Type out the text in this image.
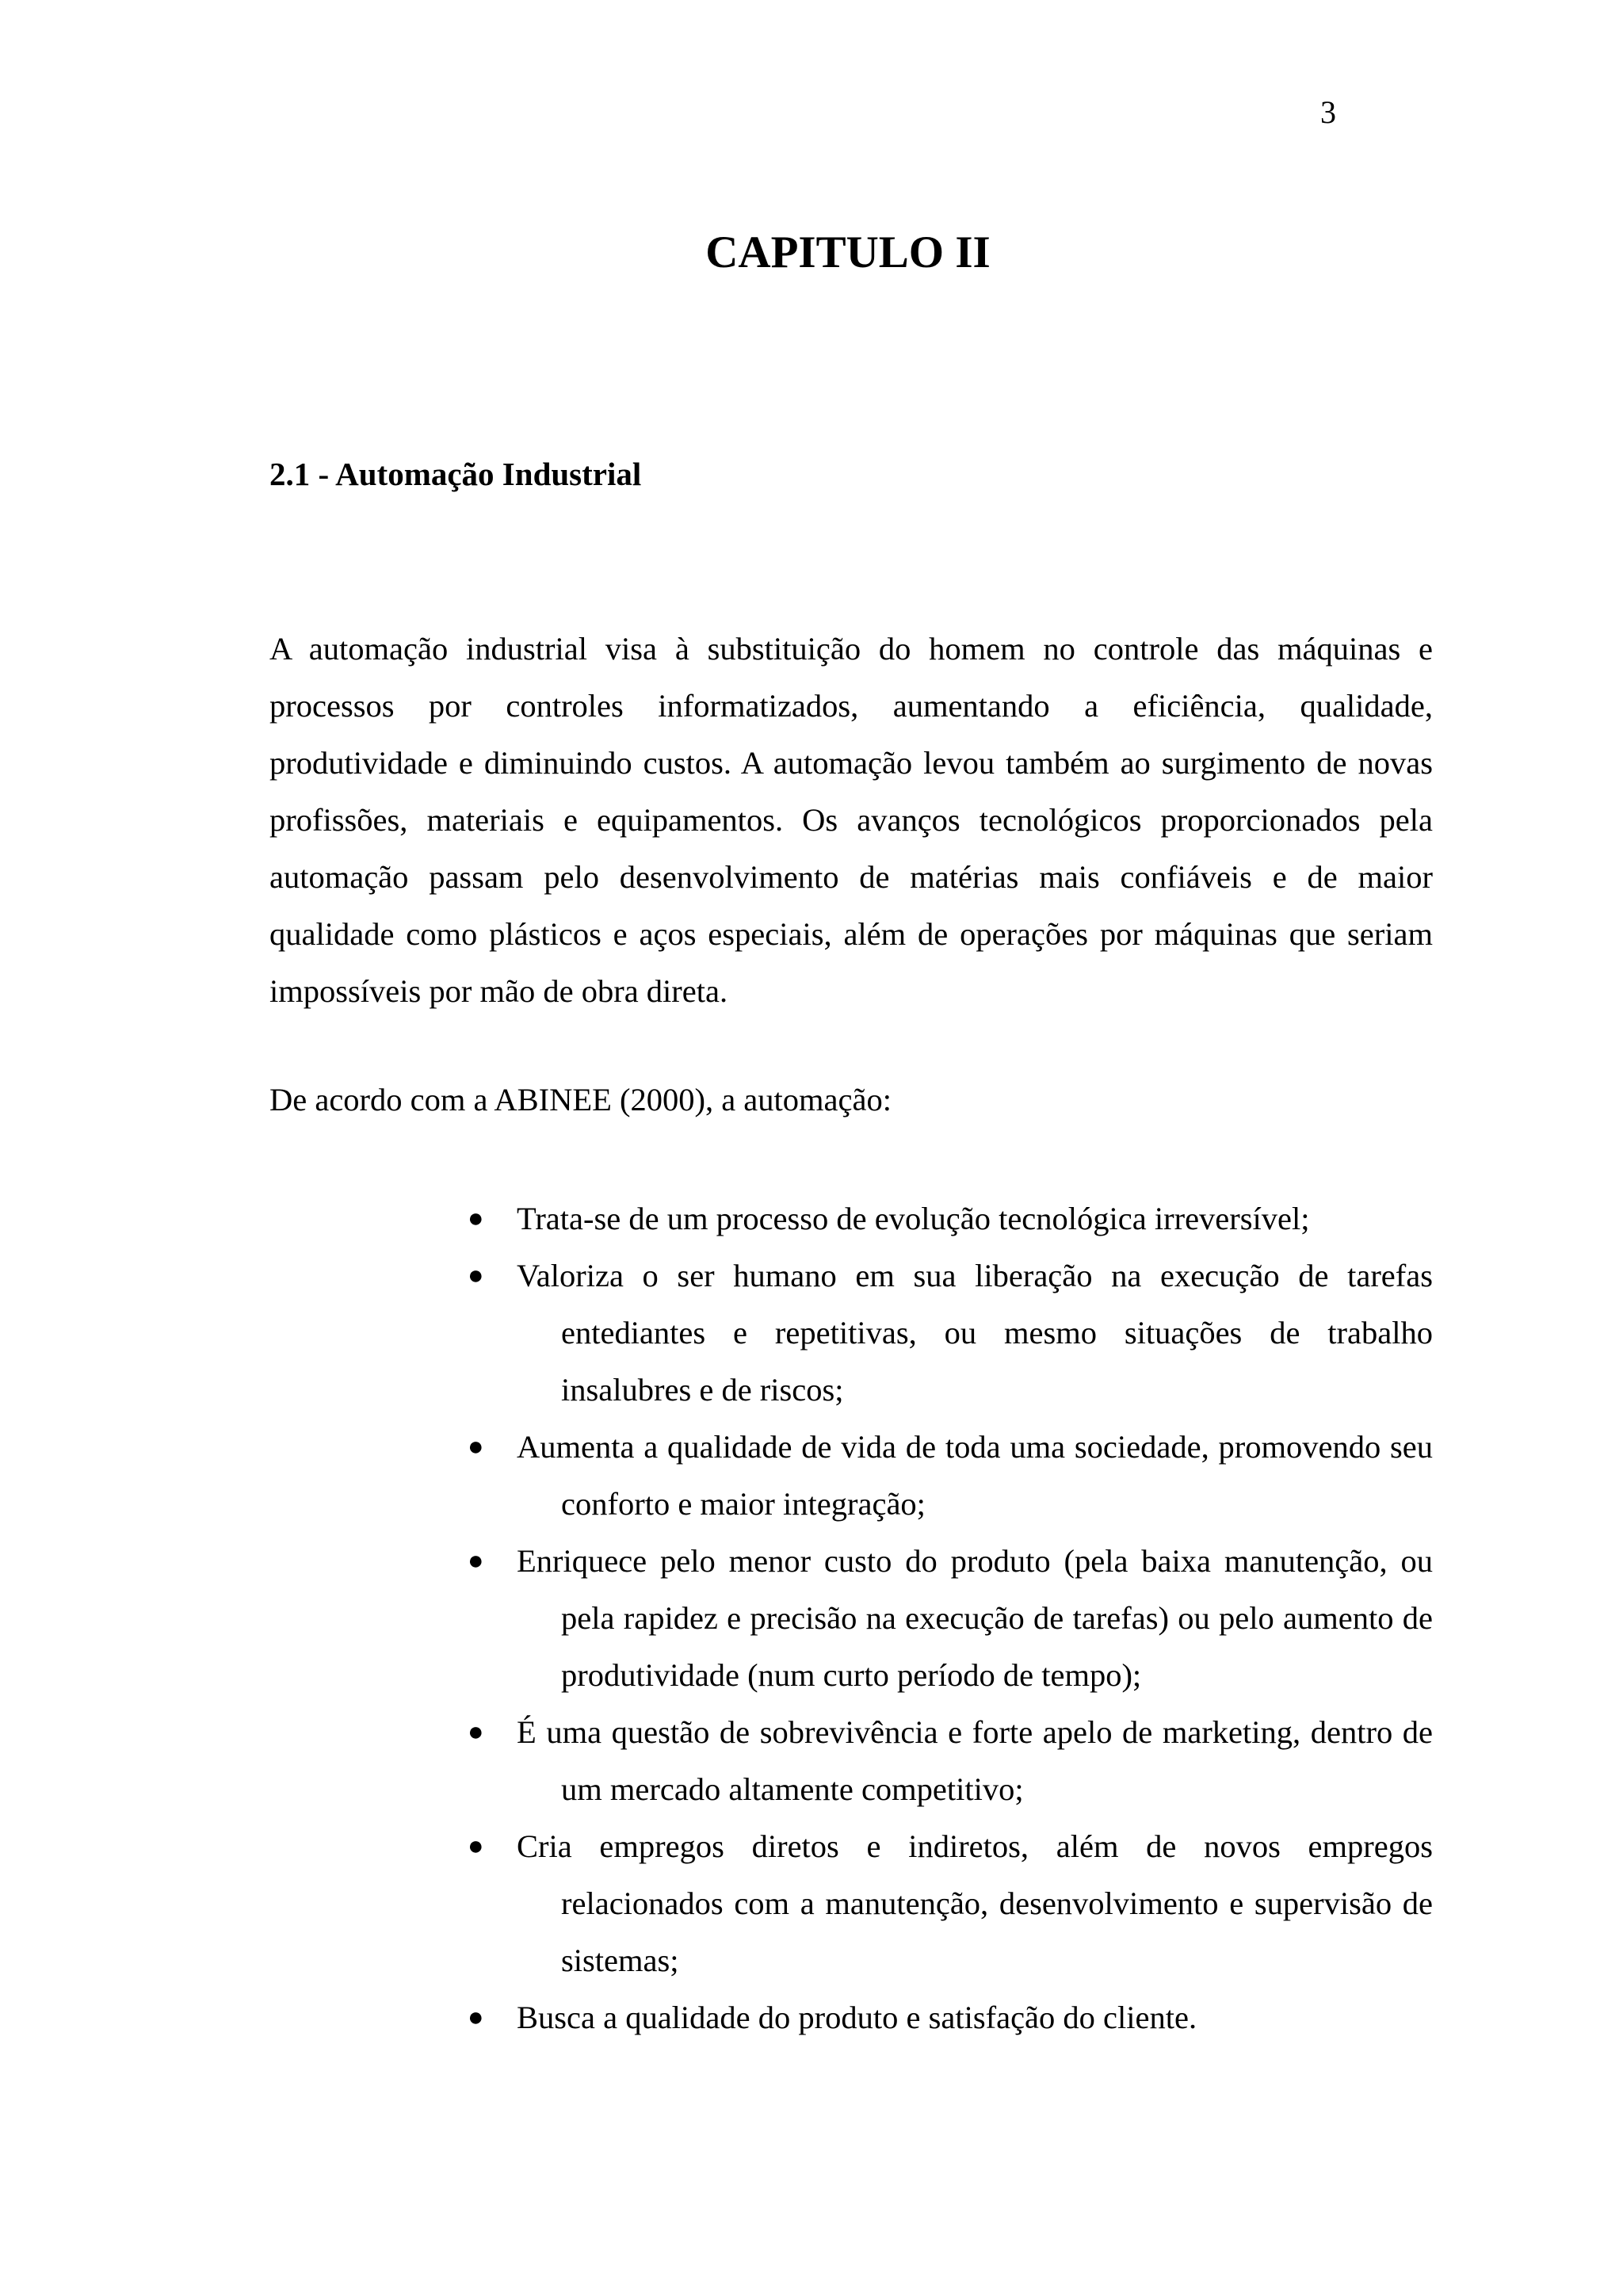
3
CAPITULO II
2.1 - Automação Industrial

A automação industrial visa à substituição do homem no controle das máquinas e processos por controles informatizados, aumentando a eficiência, qualidade, produtividade e diminuindo custos. A automação levou também ao surgimento de novas profissões, materiais e equipamentos. Os avanços tecnológicos proporcionados pela automação passam pelo desenvolvimento de matérias mais confiáveis e de maior qualidade como plásticos e aços especiais, além de operações por máquinas que seriam impossíveis por mão de obra direta.

De acordo com a ABINEE (2000), a automação:

● Trata-se de um processo de evolução tecnológica irreversível;
● Valoriza o ser humano em sua liberação na execução de tarefas entediantes e repetitivas, ou mesmo situações de trabalho insalubres e de riscos;
● Aumenta a qualidade de vida de toda uma sociedade, promovendo seu conforto e maior integração;
● Enriquece pelo menor custo do produto (pela baixa manutenção, ou pela rapidez e precisão na execução de tarefas) ou pelo aumento de produtividade (num curto período de tempo);
● É uma questão de sobrevivência e forte apelo de marketing, dentro de um mercado altamente competitivo;
● Cria empregos diretos e indiretos, além de novos empregos relacionados com a manutenção, desenvolvimento e supervisão de sistemas;
● Busca a qualidade do produto e satisfação do cliente.
